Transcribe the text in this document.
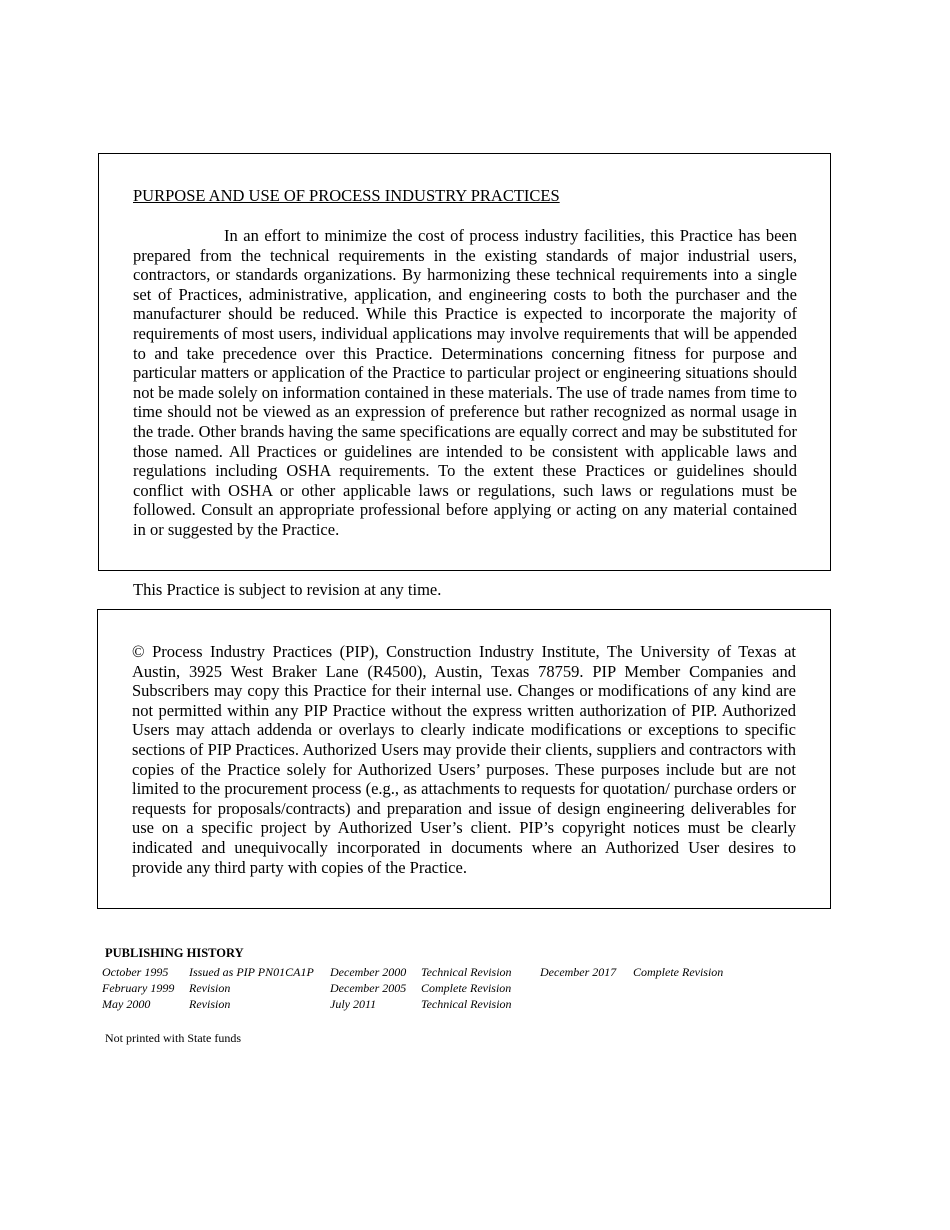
PURPOSE AND USE OF PROCESS INDUSTRY PRACTICES

In an effort to minimize the cost of process industry facilities, this Practice has been prepared from the technical requirements in the existing standards of major industrial users, contractors, or standards organizations. By harmonizing these technical requirements into a single set of Practices, administrative, application, and engineering costs to both the purchaser and the manufacturer should be reduced. While this Practice is expected to incorporate the majority of requirements of most users, individual applications may involve requirements that will be appended to and take precedence over this Practice. Determinations concerning fitness for purpose and particular matters or application of the Practice to particular project or engineering situations should not be made solely on information contained in these materials. The use of trade names from time to time should not be viewed as an expression of preference but rather recognized as normal usage in the trade. Other brands having the same specifications are equally correct and may be substituted for those named. All Practices or guidelines are intended to be consistent with applicable laws and regulations including OSHA requirements. To the extent these Practices or guidelines should conflict with OSHA or other applicable laws or regulations, such laws or regulations must be followed. Consult an appropriate professional before applying or acting on any material contained in or suggested by the Practice.

This Practice is subject to revision at any time.

© Process Industry Practices (PIP), Construction Industry Institute, The University of Texas at Austin, 3925 West Braker Lane (R4500), Austin, Texas 78759. PIP Member Companies and Subscribers may copy this Practice for their internal use. Changes or modifications of any kind are not permitted within any PIP Practice without the express written authorization of PIP. Authorized Users may attach addenda or overlays to clearly indicate modifications or exceptions to specific sections of PIP Practices. Authorized Users may provide their clients, suppliers and contractors with copies of the Practice solely for Authorized Users’ purposes. These purposes include but are not limited to the procurement process (e.g., as attachments to requests for quotation/ purchase orders or requests for proposals/contracts) and preparation and issue of design engineering deliverables for use on a specific project by Authorized User’s client. PIP’s copyright notices must be clearly indicated and unequivocally incorporated in documents where an Authorized User desires to provide any third party with copies of the Practice.

PUBLISHING HISTORY
October 1995 Issued as PIP PN01CA1P
February 1999 Revision
May 2000	Revision
December 2000 Technical Revision
December 2005 Complete Revision
July 2011	Technical Revision
December 2017 Complete Revision
Not printed with State funds
